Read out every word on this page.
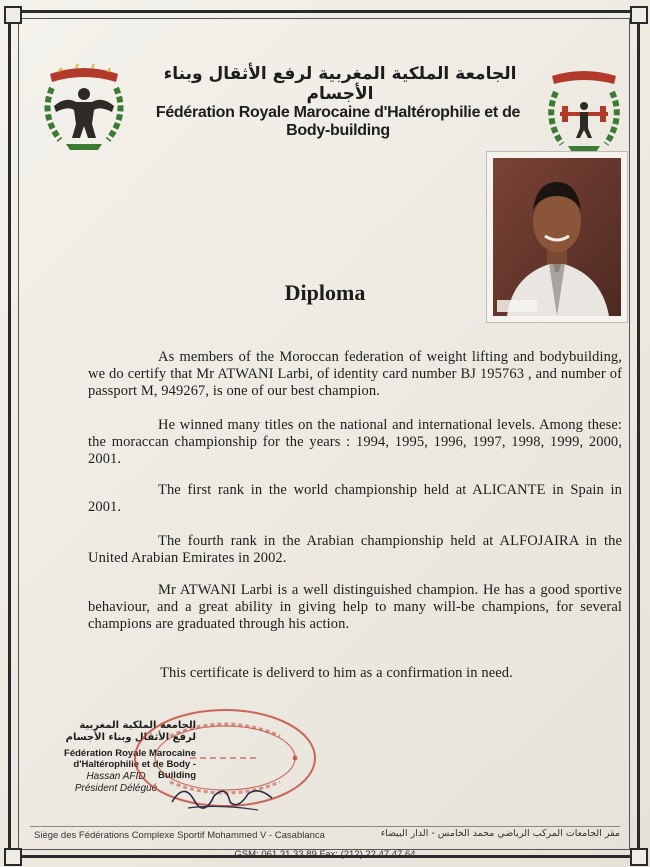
الجامعة الملكية المغربية لرفع الأثقال وبناء الأجسام
Fédération Royale Marocaine d'Haltérophilie et de Body-building
Diploma

As members of the Moroccan federation of weight lifting and bodybuilding, we do certify that Mr ATWANI Larbi, of identity card number BJ 195763 , and number of passport M, 949267, is one of our best champion.

He winned many titles on the national and international levels. Among these: the moraccan championship for the years : 1994, 1995, 1996, 1997, 1998, 1999, 2000, 2001.

The first rank in the world championship held at ALICANTE in Spain in 2001.

The fourth rank in the Arabian championship held at ALFOJAIRA in the United Arabian Emirates in 2002.

Mr ATWANI Larbi is a well distinguished champion. He has a good sportive behaviour, and a great ability in giving help to many will-be champions, for several champions are graduated through his action.

This certificate is deliverd to him as a confirmation in need.

الجامعة الملكية المغربية
لرفع الأثقال وبناء الأجسام
Fédération Royale Marocaine
d'Haltérophilie et de Body - Building
Hassan AFID
Président Délégué
Siège des Fédérations Complexe Sportif Mohammed V - Casablanca	مقر الجامعات المركب الرياضي محمد الخامس - الدار البيضاء
GSM: 061.31.33.89 Fax: (212) 22.47.47.64
